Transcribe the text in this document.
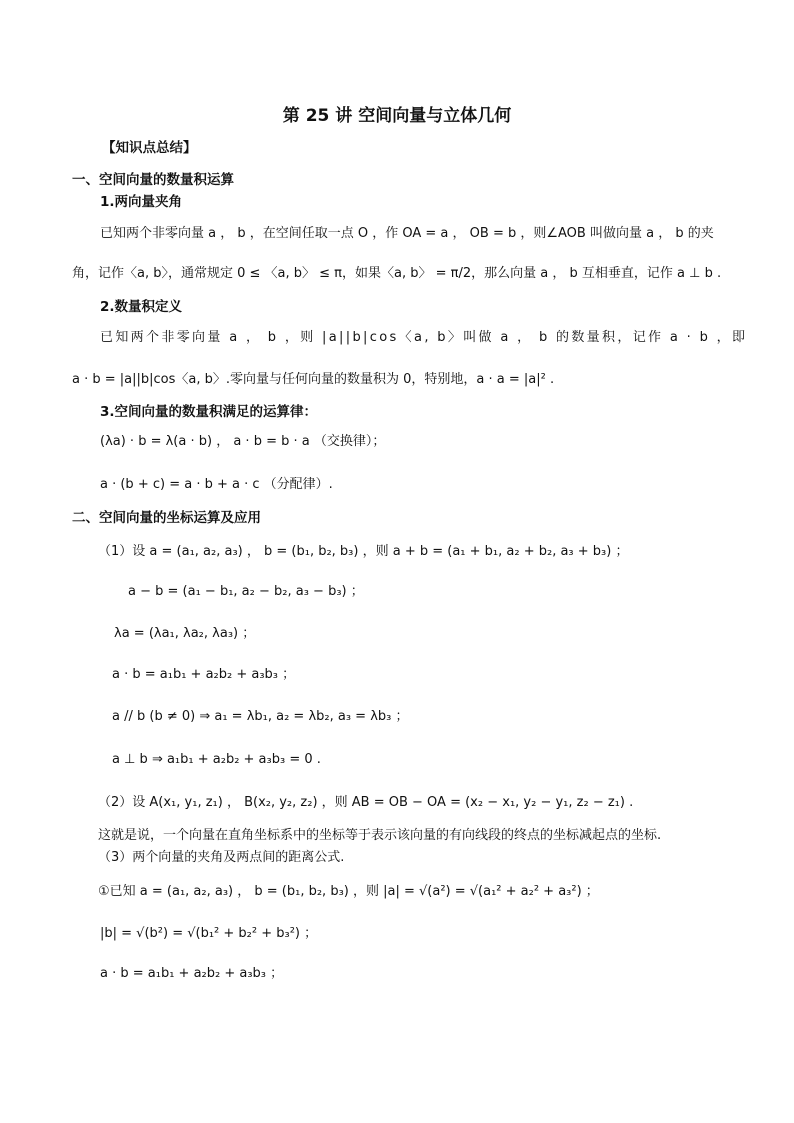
第 25 讲 空间向量与立体几何
【知识点总结】
一、空间向量的数量积运算
1.两向量夹角
已知两个非零向量 a ， b ，在空间任取一点 O ，作 OA = a ， OB = b ，则∠AOB 叫做向量 a ， b 的夹
角，记作〈a, b〉，通常规定 0 ≤ 〈a, b〉 ≤ π，如果〈a, b〉 = π/2，那么向量 a ， b 互相垂直，记作 a ⊥ b .
2.数量积定义
已知两个非零向量 a ， b ，则 |a||b|cos〈a, b〉叫做 a ， b 的数量积，记作 a · b ，即
a · b = |a||b|cos〈a, b〉.零向量与任何向量的数量积为 0，特别地，a · a = |a|² .
3.空间向量的数量积满足的运算律：
(λa) · b = λ(a · b) ， a · b = b · a （交换律）；
a · (b + c) = a · b + a · c （分配律）.
二、空间向量的坐标运算及应用
（1）设 a = (a₁, a₂, a₃) ， b = (b₁, b₂, b₃) ，则 a + b = (a₁ + b₁, a₂ + b₂, a₃ + b₃) ；
a − b = (a₁ − b₁, a₂ − b₂, a₃ − b₃) ；
λa = (λa₁, λa₂, λa₃) ；
a · b = a₁b₁ + a₂b₂ + a₃b₃ ；
a // b (b ≠ 0) ⇒ a₁ = λb₁, a₂ = λb₂, a₃ = λb₃ ；
a ⊥ b ⇒ a₁b₁ + a₂b₂ + a₃b₃ = 0 .
（2）设 A(x₁, y₁, z₁) ， B(x₂, y₂, z₂) ，则 AB = OB − OA = (x₂ − x₁, y₂ − y₁, z₂ − z₁) .
这就是说，一个向量在直角坐标系中的坐标等于表示该向量的有向线段的终点的坐标减起点的坐标.
（3）两个向量的夹角及两点间的距离公式.
①已知 a = (a₁, a₂, a₃) ， b = (b₁, b₂, b₃) ，则 |a| = √(a²) = √(a₁² + a₂² + a₃²) ；
|b| = √(b²) = √(b₁² + b₂² + b₃²) ；
a · b = a₁b₁ + a₂b₂ + a₃b₃ ；
